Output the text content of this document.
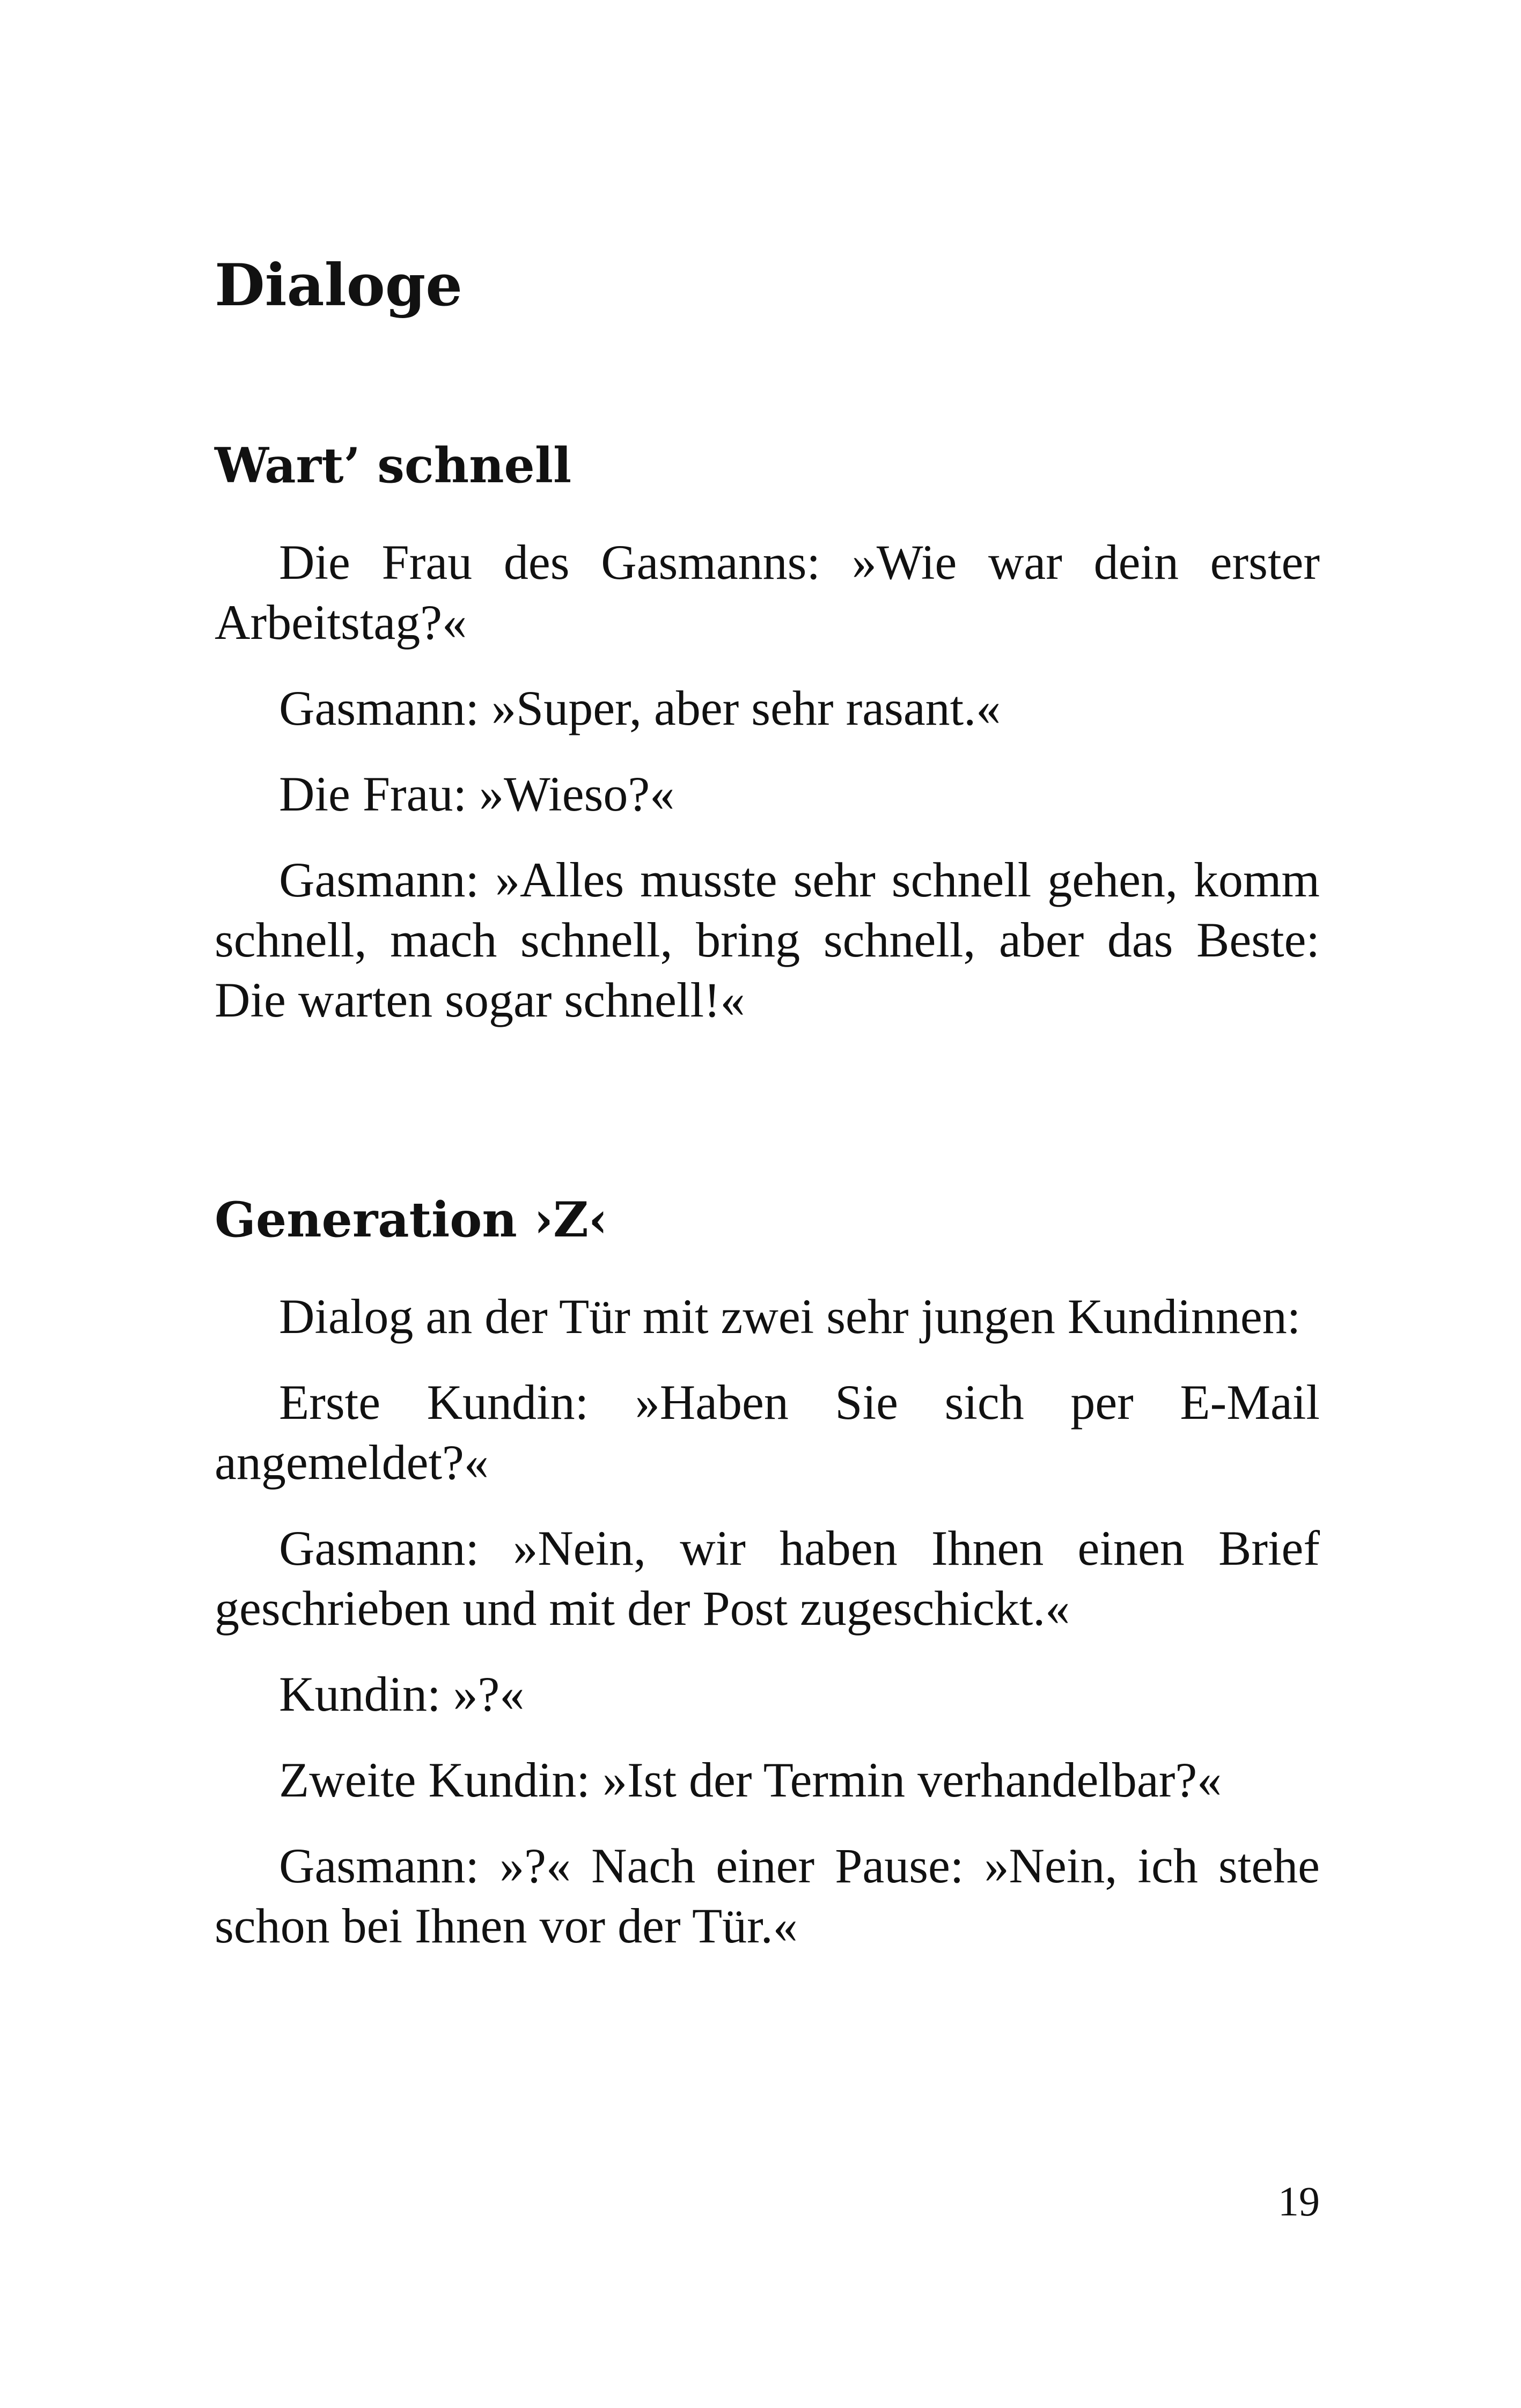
Dialoge
Wart’ schnell

Die Frau des Gasmanns: »Wie war dein erster Arbeitstag?«

Gasmann: »Super, aber sehr rasant.«

Die Frau: »Wieso?«

Gasmann: »Alles musste sehr schnell gehen, komm schnell, mach schnell, bring schnell, aber das Beste: Die warten sogar schnell!«

Generation ›Z‹

Dialog an der Tür mit zwei sehr jungen Kundinnen:

Erste Kundin: »Haben Sie sich per E-Mail angemeldet?«

Gasmann: »Nein, wir haben Ihnen einen Brief geschrieben und mit der Post zugeschickt.«

Kundin: »?«

Zweite Kundin: »Ist der Termin verhandelbar?«

Gasmann: »?« Nach einer Pause: »Nein, ich stehe schon bei Ihnen vor der Tür.«

19
